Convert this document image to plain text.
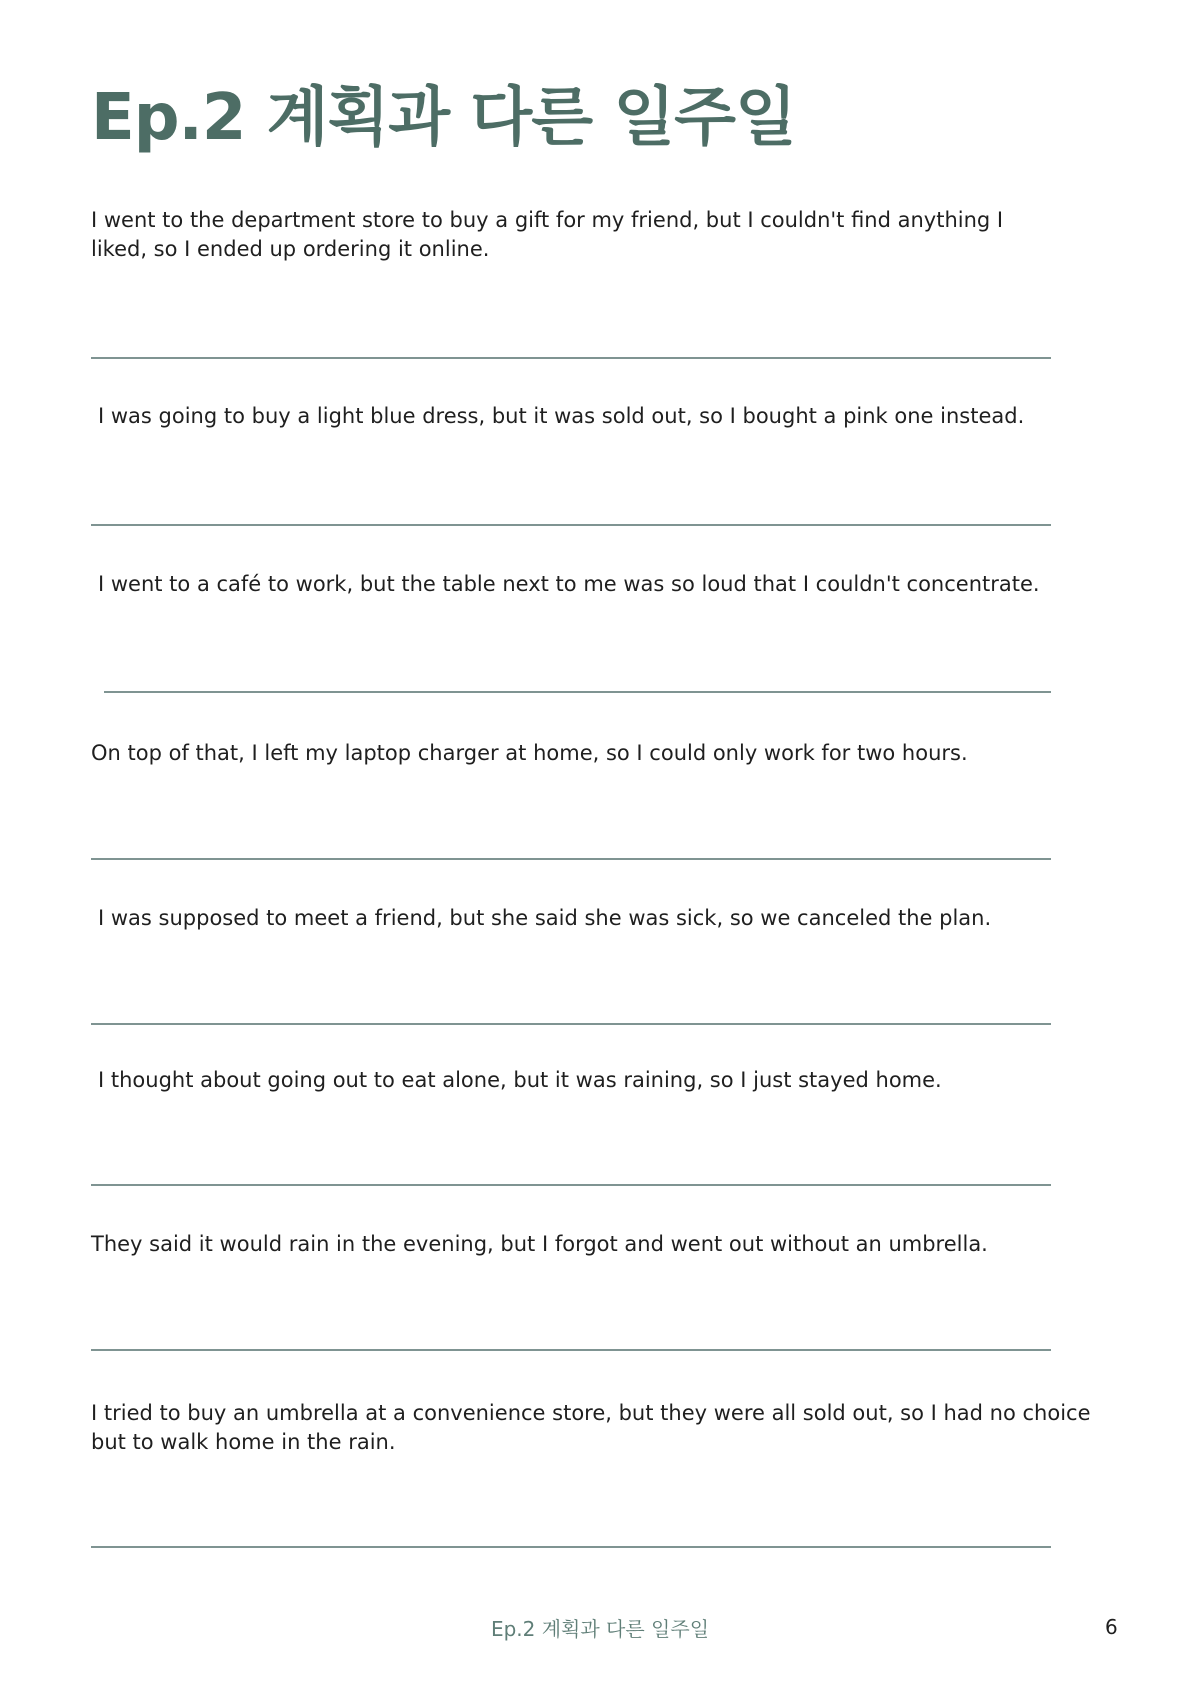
Ep.2 계획과 다른 일주일

I went to the department store to buy a gift for my friend, but I couldn't find anything I liked, so I ended up ordering it online.

I was going to buy a light blue dress, but it was sold out, so I bought a pink one instead.

I went to a café to work, but the table next to me was so loud that I couldn't concentrate.

On top of that, I left my laptop charger at home, so I could only work for two hours.

I was supposed to meet a friend, but she said she was sick, so we canceled the plan.

I thought about going out to eat alone, but it was raining, so I just stayed home.

They said it would rain in the evening, but I forgot and went out without an umbrella.

I tried to buy an umbrella at a convenience store, but they were all sold out, so I had no choice but to walk home in the rain.

Ep.2 계획과 다른 일주일	6
